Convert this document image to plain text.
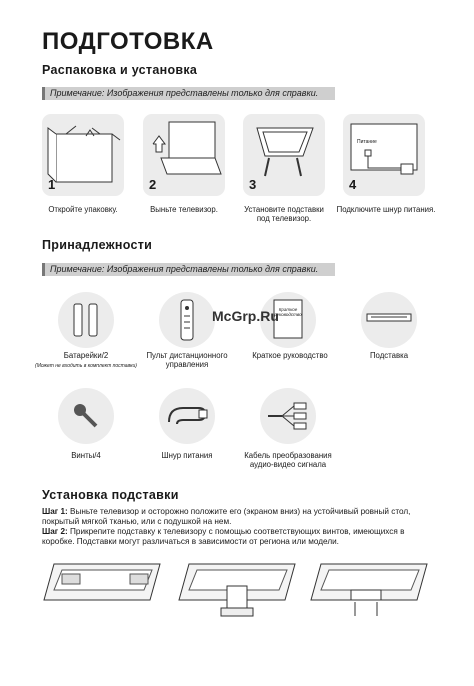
ПОДГОТОВКА
Распаковка и установка
Примечание: Изображения представлены только для справки.
1	2	3
Питание
4
Откройте упаковку.	Выньте телевизор.	Установите подставки
под телевизор.
Подключите шнур питания.
Принадлежности
Примечание: Изображения представлены только для справки.
Краткое руководство
McGrp.Ru
Батарейки/2
(Может не входить в комплект поставки)
Пульт дистанционного
управления
Краткое руководство	Подставка
Винты/4	Шнур питания	Кабель преобразования
аудио-видео сигнала
Установка подставки
Шаг 1: Выньте телевизор и осторожно положите его (экраном вниз) на устойчивый ровный стол,
покрытый мягкой тканью, или с подушкой на нем.
Шаг 2: Прикрепите подставку к телевизору с помощью соответствующих винтов, имеющихся в
коробке. Подставки могут различаться в зависимости от региона или модели.
